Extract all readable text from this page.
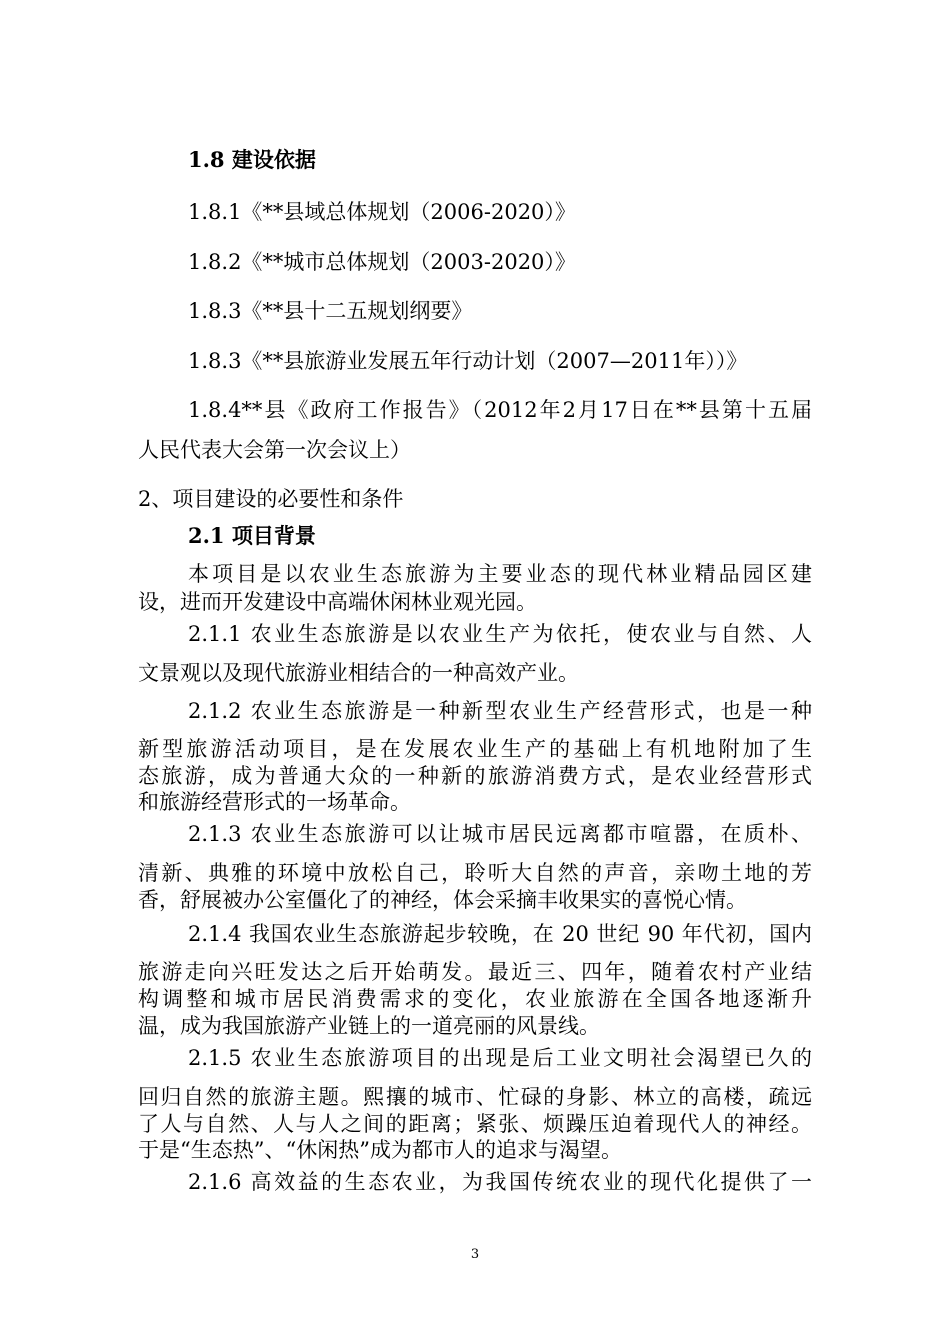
1.8 建设依据
1.8.1《**县域总体规划（2006-2020）》
1.8.2《**城市总体规划（2003-2020）》
1.8.3《**县十二五规划纲要》
1.8.3《**县旅游业发展五年行动计划（2007—2011年））》
1.8.4**县《政府工作报告》（2012年2月17日在**县第十五届
人民代表大会第一次会议上）
2、项目建设的必要性和条件
2.1 项目背景
本项目是以农业生态旅游为主要业态的现代林业精品园区建
设，进而开发建设中高端休闲林业观光园。
2.1.1 农业生态旅游是以农业生产为依托，使农业与自然、人
文景观以及现代旅游业相结合的一种高效产业。
2.1.2 农业生态旅游是一种新型农业生产经营形式，也是一种
新型旅游活动项目，是在发展农业生产的基础上有机地附加了生
态旅游，成为普通大众的一种新的旅游消费方式，是农业经营形式
和旅游经营形式的一场革命。
2.1.3 农业生态旅游可以让城市居民远离都市喧嚣，在质朴、
清新、典雅的环境中放松自己，聆听大自然的声音，亲吻土地的芳
香，舒展被办公室僵化了的神经，体会采摘丰收果实的喜悦心情。
2.1.4 我国农业生态旅游起步较晚，在 20 世纪 90 年代初，国内
旅游走向兴旺发达之后开始萌发。最近三、四年，随着农村产业结
构调整和城市居民消费需求的变化，农业旅游在全国各地逐渐升
温，成为我国旅游产业链上的一道亮丽的风景线。
2.1.5 农业生态旅游项目的出现是后工业文明社会渴望已久的
回归自然的旅游主题。熙攘的城市、忙碌的身影、林立的高楼，疏远
了人与自然、人与人之间的距离；紧张、烦躁压迫着现代人的神经。
于是“生态热”、“休闲热”成为都市人的追求与渴望。
2.1.6 高效益的生态农业，为我国传统农业的现代化提供了一
3
